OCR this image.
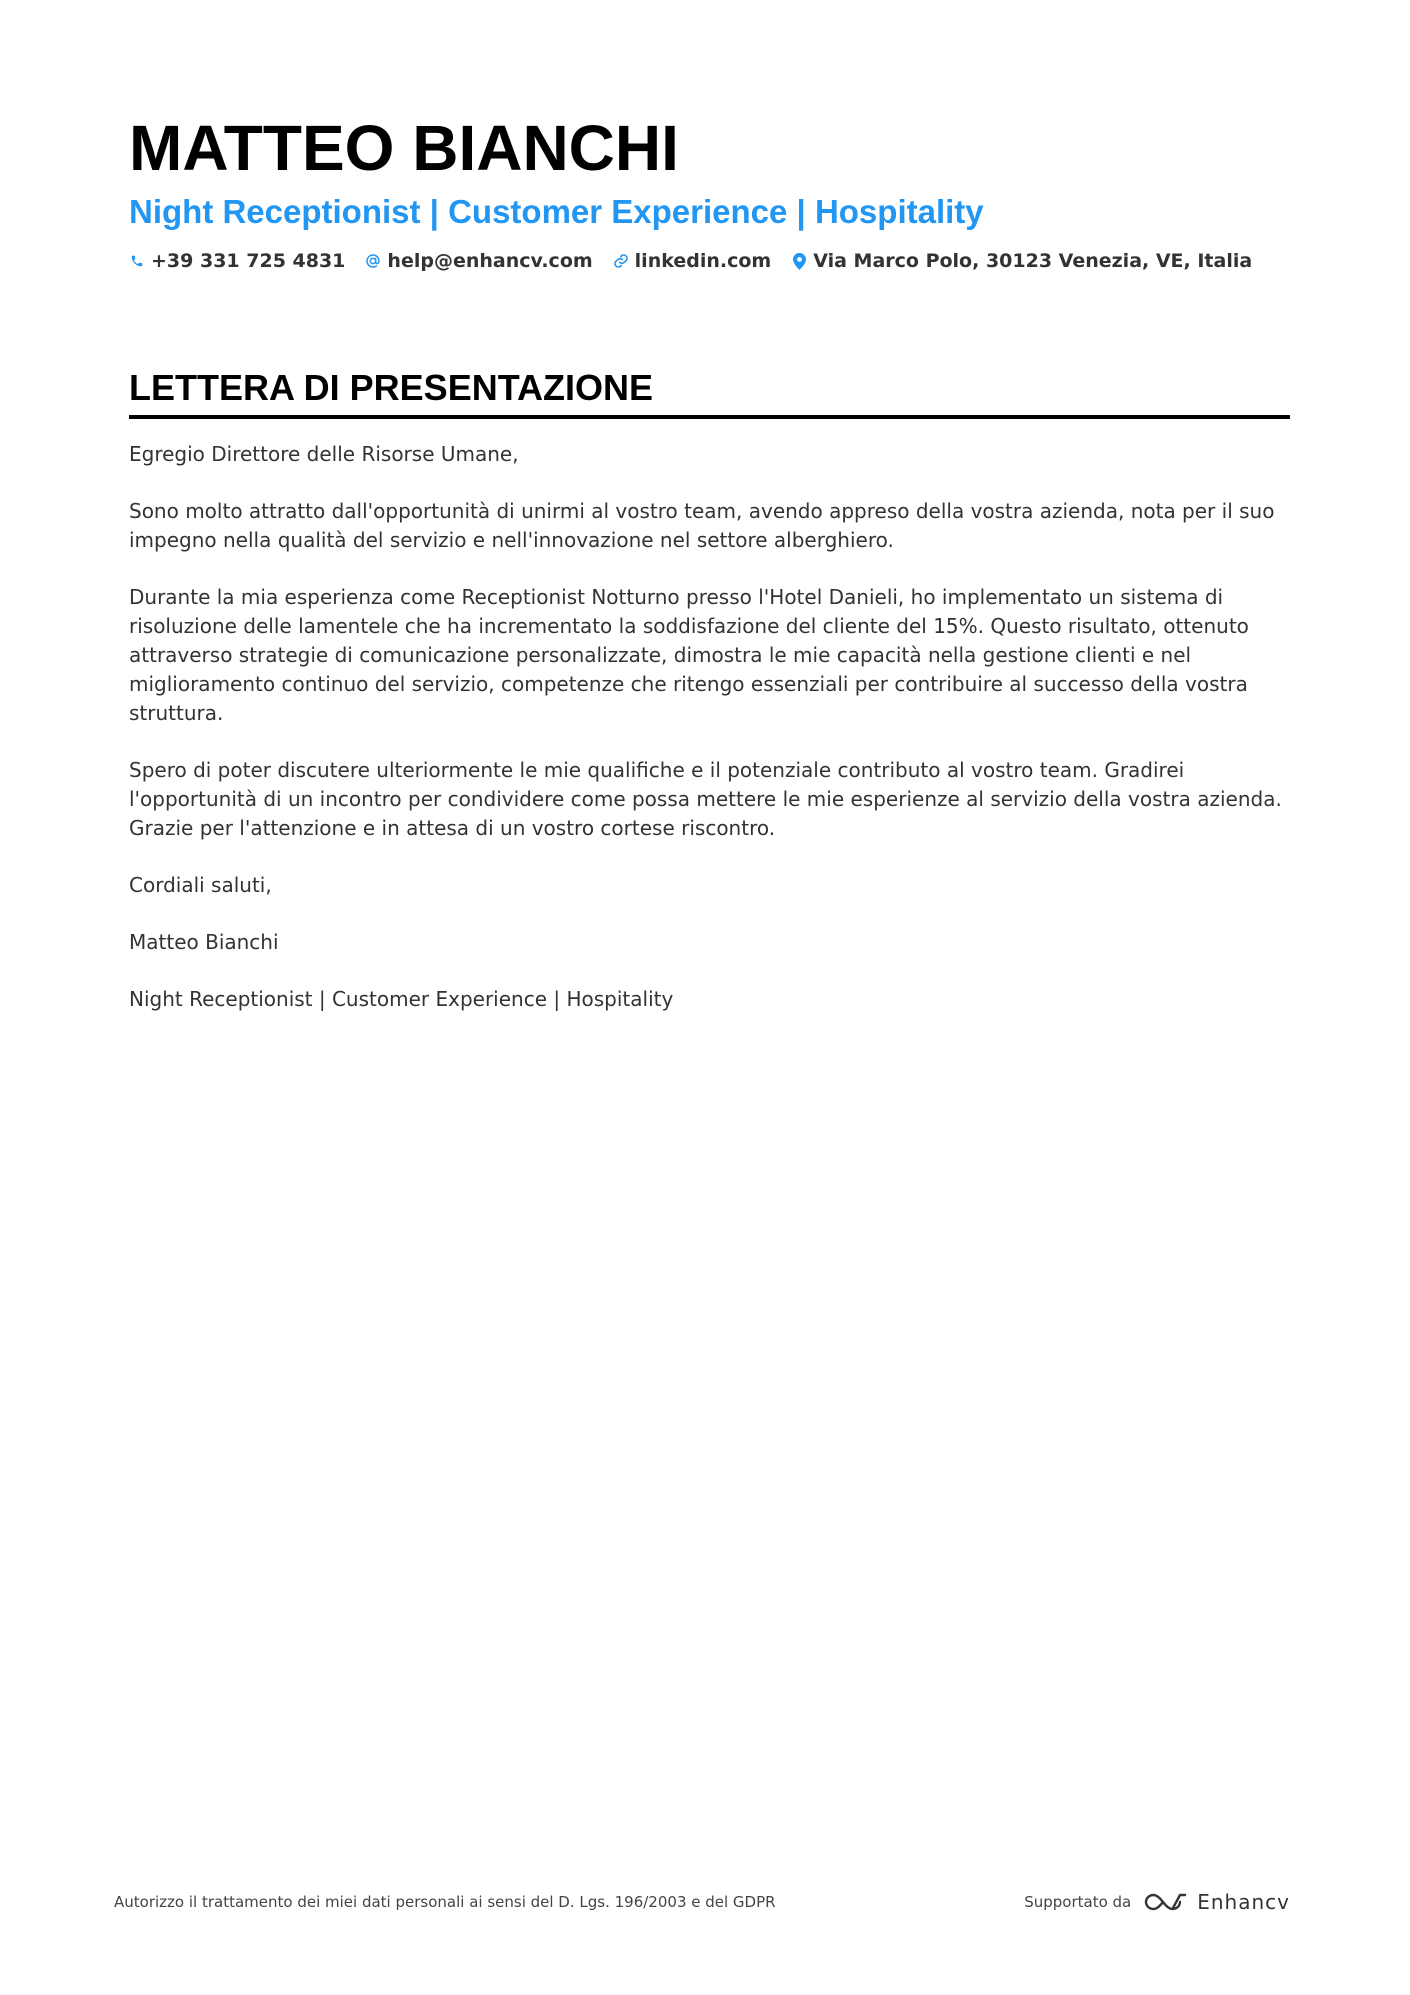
MATTEO BIANCHI
Night Receptionist | Customer Experience | Hospitality
+39 331 725 4831 help@enhancv.com linkedin.com Via Marco Polo, 30123 Venezia, VE, Italia
LETTERA DI PRESENTAZIONE

Egregio Direttore delle Risorse Umane,

Sono molto attratto dall'opportunità di unirmi al vostro team, avendo appreso della vostra azienda, nota per il suo impegno nella qualità del servizio e nell'innovazione nel settore alberghiero.

Durante la mia esperienza come Receptionist Notturno presso l'Hotel Danieli, ho implementato un sistema di risoluzione delle lamentele che ha incrementato la soddisfazione del cliente del 15%. Questo risultato, ottenuto attraverso strategie di comunicazione personalizzate, dimostra le mie capacità nella gestione clienti e nel miglioramento continuo del servizio, competenze che ritengo essenziali per contribuire al successo della vostra struttura.

Spero di poter discutere ulteriormente le mie qualifiche e il potenziale contributo al vostro team. Gradirei l'opportunità di un incontro per condividere come possa mettere le mie esperienze al servizio della vostra azienda. Grazie per l'attenzione e in attesa di un vostro cortese riscontro.

Cordiali saluti,

Matteo Bianchi

Night Receptionist | Customer Experience | Hospitality

Autorizzo il trattamento dei miei dati personali ai sensi del D. Lgs. 196/2003 e del GDPR	Supportato da	Enhancv
